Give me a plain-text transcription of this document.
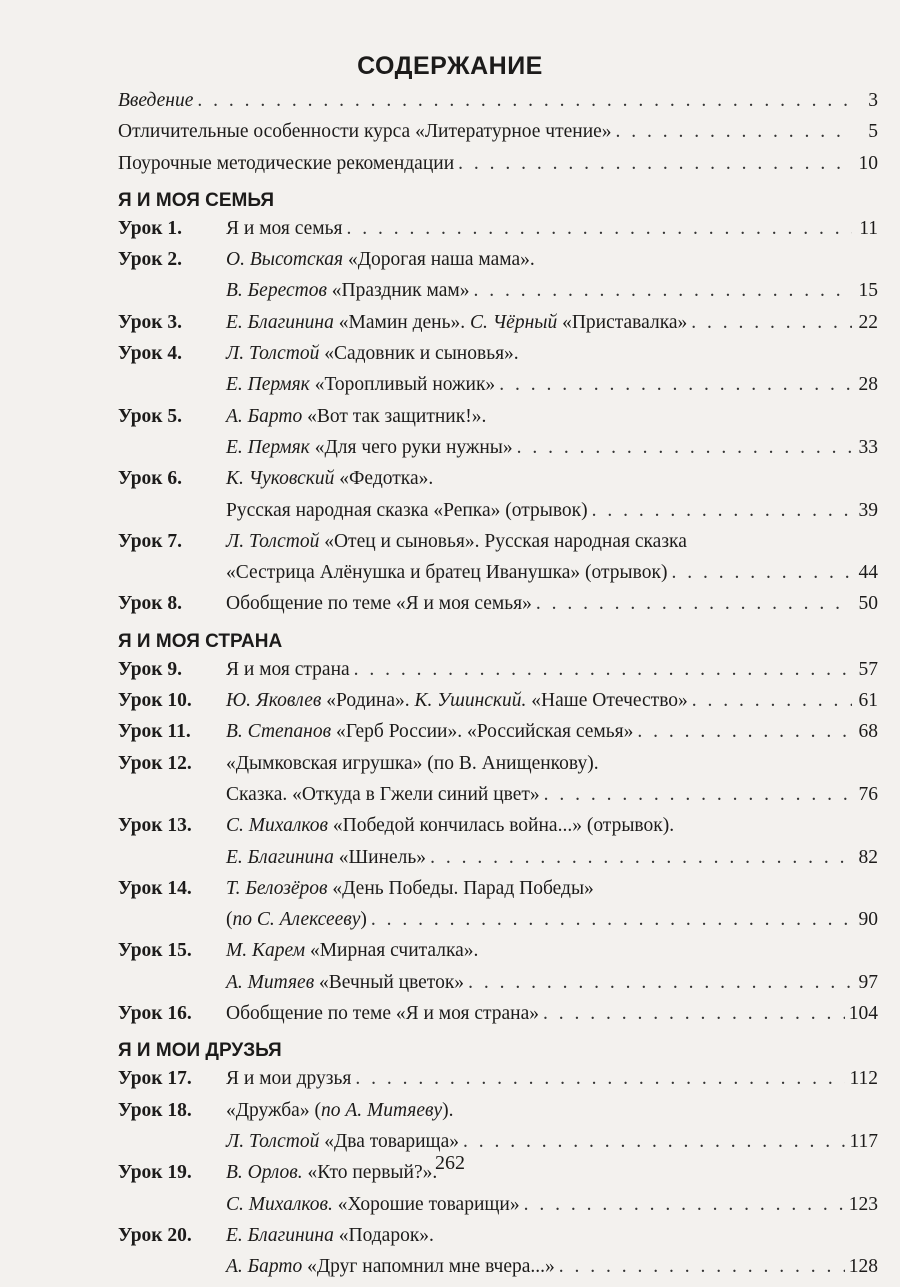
СОДЕРЖАНИЕ
Введение . . .	3
Отличительные особенности курса «Литературное чтение» . . .	5
Поурочные методические рекомендации . . .	10
Я И МОЯ СЕМЬЯ
Урок 1.	Я и моя семья . . .	11
Урок 2.	О. Высотская «Дорогая наша мама».
В. Берестов «Праздник мам» . . .	15
Урок 3.	Е. Благинина «Мамин день». С. Чёрный «Приставалка» . . .	22
Урок 4.	Л. Толстой «Садовник и сыновья».
Е. Пермяк «Торопливый ножик» . . .	28
Урок 5.	А. Барто «Вот так защитник!».
Е. Пермяк «Для чего руки нужны» . . .	33
Урок 6.	К. Чуковский «Федотка».
Русская народная сказка «Репка» (отрывок) . . .	39
Урок 7.	Л. Толстой «Отец и сыновья». Русская народная сказка
«Сестрица Алёнушка и братец Иванушка» (отрывок) . . .	44
Урок 8.	Обобщение по теме «Я и моя семья» . . .	50
Я И МОЯ СТРАНА
Урок 9.	Я и моя страна . . .	57
Урок 10.	Ю. Яковлев «Родина». К. Ушинский. «Наше Отечество» . . .	61
Урок 11.	В. Степанов «Герб России». «Российская семья» . . .	68
Урок 12.	«Дымковская игрушка» (по В. Анищенкову).
Сказка. «Откуда в Гжели синий цвет» . . .	76
Урок 13.	С. Михалков «Победой кончилась война...» (отрывок).
Е. Благинина «Шинель» . . .	82
Урок 14.	Т. Белозёров «День Победы. Парад Победы»
(по С. Алексееву) . . .	90
Урок 15.	М. Карем «Мирная считалка».
А. Митяев «Вечный цветок» . . .	97
Урок 16.	Обобщение по теме «Я и моя страна» . . .	104
Я И МОИ ДРУЗЬЯ
Урок 17.	Я и мои друзья . . .	112
Урок 18.	«Дружба» (по А. Митяеву).
Л. Толстой «Два товарища» . . .	117
Урок 19.	В. Орлов. «Кто первый?».
С. Михалков. «Хорошие товарищи» . . .	123
Урок 20.	Е. Благинина «Подарок».
А. Барто «Друг напомнил мне вчера...» . . .	128
262
